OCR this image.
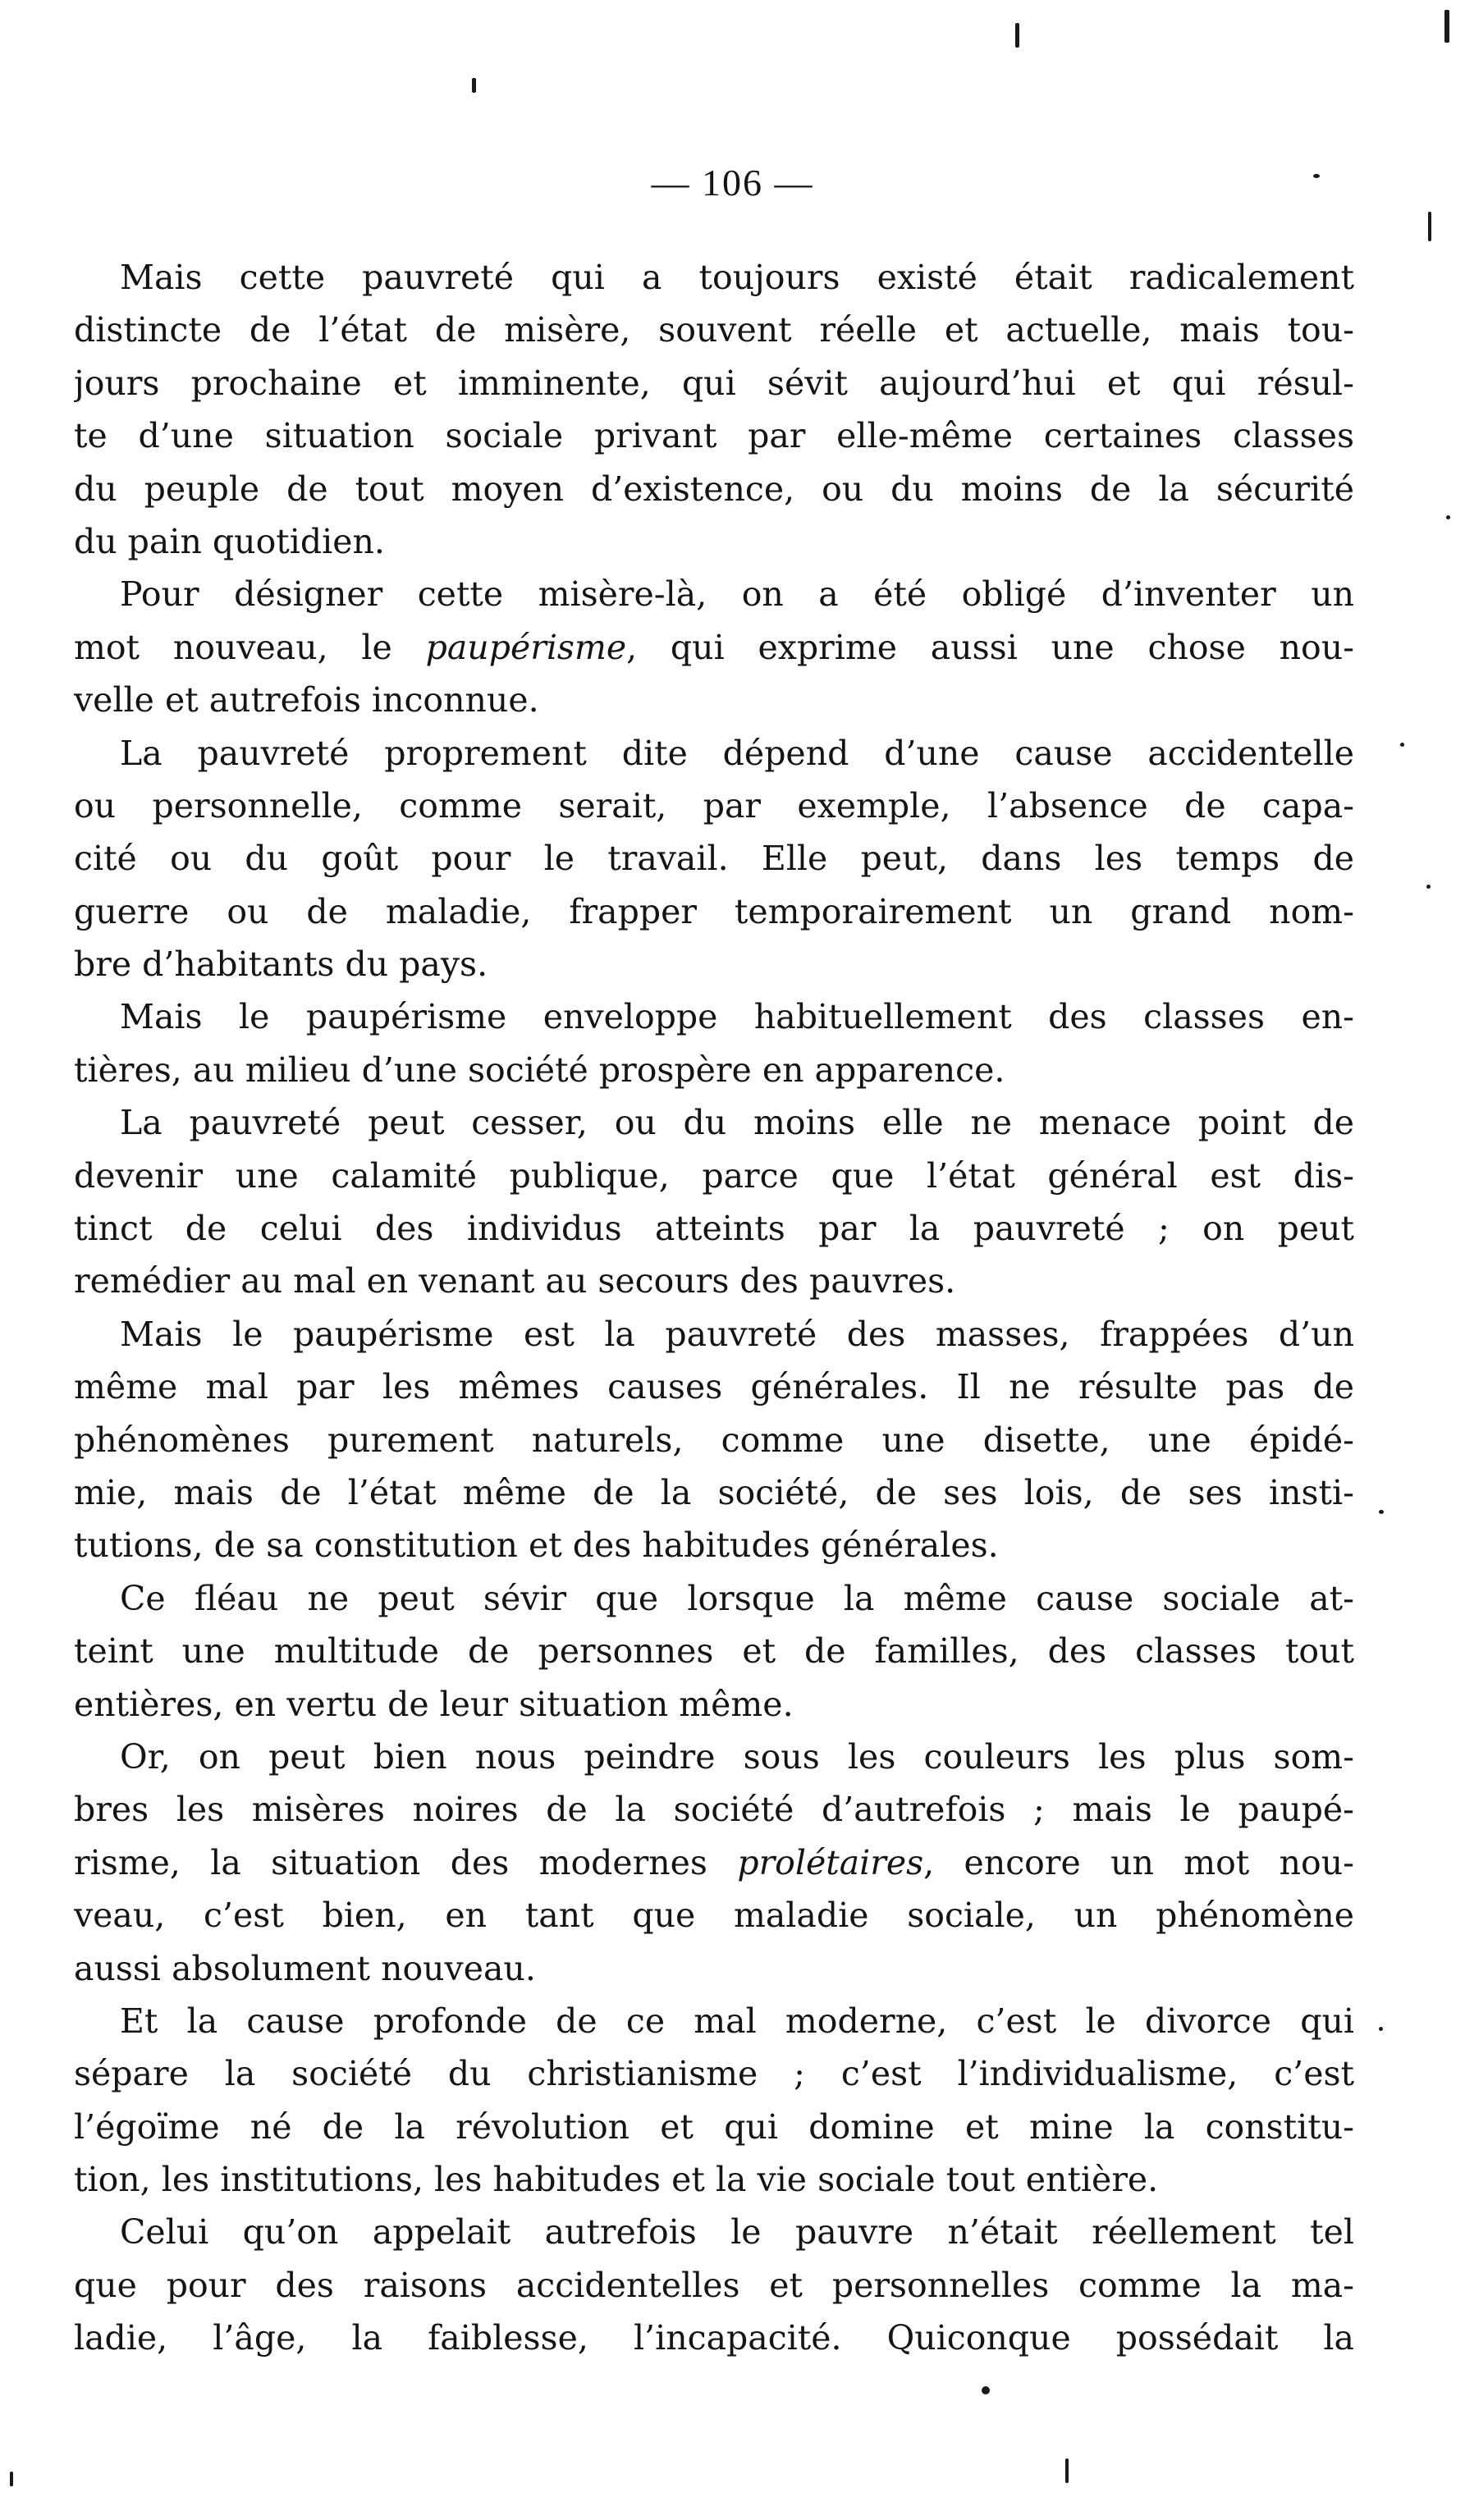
— 106 —
Mais cette pauvreté qui a toujours existé était radicalement
distincte de l’état de misère, souvent réelle et actuelle, mais tou-
jours prochaine et imminente, qui sévit aujourd’hui et qui résul-
te d’une situation sociale privant par elle-même certaines classes
du peuple de tout moyen d’existence, ou du moins de la sécurité
du pain quotidien.
Pour désigner cette misère-là, on a été obligé d’inventer un
mot nouveau, le paupérisme, qui exprime aussi une chose nou-
velle et autrefois inconnue.
La pauvreté proprement dite dépend d’une cause accidentelle
ou personnelle, comme serait, par exemple, l’absence de capa-
cité ou du goût pour le travail. Elle peut, dans les temps de
guerre ou de maladie, frapper temporairement un grand nom-
bre d’habitants du pays.
Mais le paupérisme enveloppe habituellement des classes en-
tières, au milieu d’une société prospère en apparence.
La pauvreté peut cesser, ou du moins elle ne menace point de
devenir une calamité publique, parce que l’état général est dis-
tinct de celui des individus atteints par la pauvreté ; on peut
remédier au mal en venant au secours des pauvres.
Mais le paupérisme est la pauvreté des masses, frappées d’un
même mal par les mêmes causes générales. Il ne résulte pas de
phénomènes purement naturels, comme une disette, une épidé-
mie, mais de l’état même de la société, de ses lois, de ses insti-
tutions, de sa constitution et des habitudes générales.
Ce fléau ne peut sévir que lorsque la même cause sociale at-
teint une multitude de personnes et de familles, des classes tout
entières, en vertu de leur situation même.
Or, on peut bien nous peindre sous les couleurs les plus som-
bres les misères noires de la société d’autrefois ; mais le paupé-
risme, la situation des modernes prolétaires, encore un mot nou-
veau, c’est bien, en tant que maladie sociale, un phénomène
aussi absolument nouveau.
Et la cause profonde de ce mal moderne, c’est le divorce qui
sépare la société du christianisme ; c’est l’individualisme, c’est
l’égoïme né de la révolution et qui domine et mine la constitu-
tion, les institutions, les habitudes et la vie sociale tout entière.
Celui qu’on appelait autrefois le pauvre n’était réellement tel
que pour des raisons accidentelles et personnelles comme la ma-
ladie, l’âge, la faiblesse, l’incapacité. Quiconque possédait la
